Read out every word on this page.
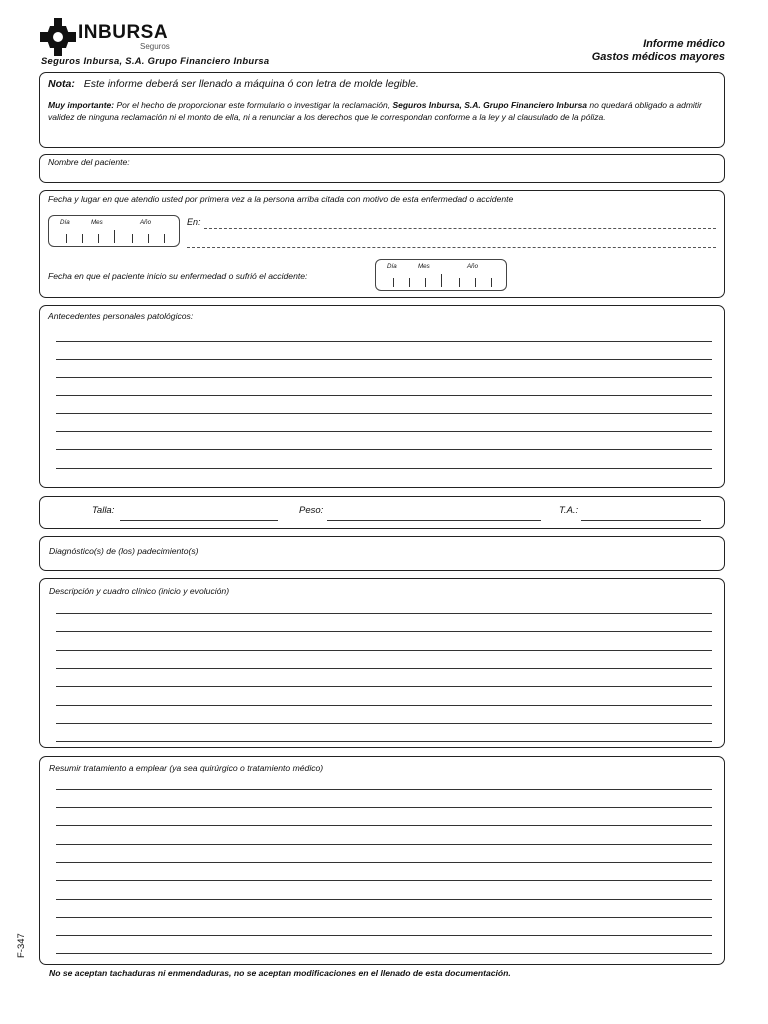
INBURSA
Seguros
Seguros Inbursa, S.A. Grupo Financiero Inbursa
Informe médico
Gastos médicos mayores
Nota: Este informe deberá ser llenado a máquina ó con letra de molde legible.
Muy importante: Por el hecho de proporcionar este formulario o investigar la reclamación, Seguros Inbursa, S.A. Grupo Financiero Inbursa no quedará obligado a admitir validez de ninguna reclamación ni el monto de ella, ni a renunciar a los derechos que le correspondan conforme a la ley y al clausulado de la póliza.
Nombre del paciente:
Fecha y lugar en que atendio usted por primera vez a la persona arriba citada con motivo de esta enfermedad o accidente
Día	Mes	Año	En:
Fecha en que el paciente inicio su enfermedad o sufrió el accidente:
Día	Mes	Año
Antecedentes personales patológicos:
Talla:	Peso:	T.A.:
Diagnóstico(s) de (los) padecimiento(s)
Descripción y cuadro clínico (inicio y evolución)
Resumir tratamiento a emplear (ya sea quirúrgico o tratamiento médico)
F-347
No se aceptan tachaduras ni enmendaduras, no se aceptan modificaciones en el llenado de esta documentación.
